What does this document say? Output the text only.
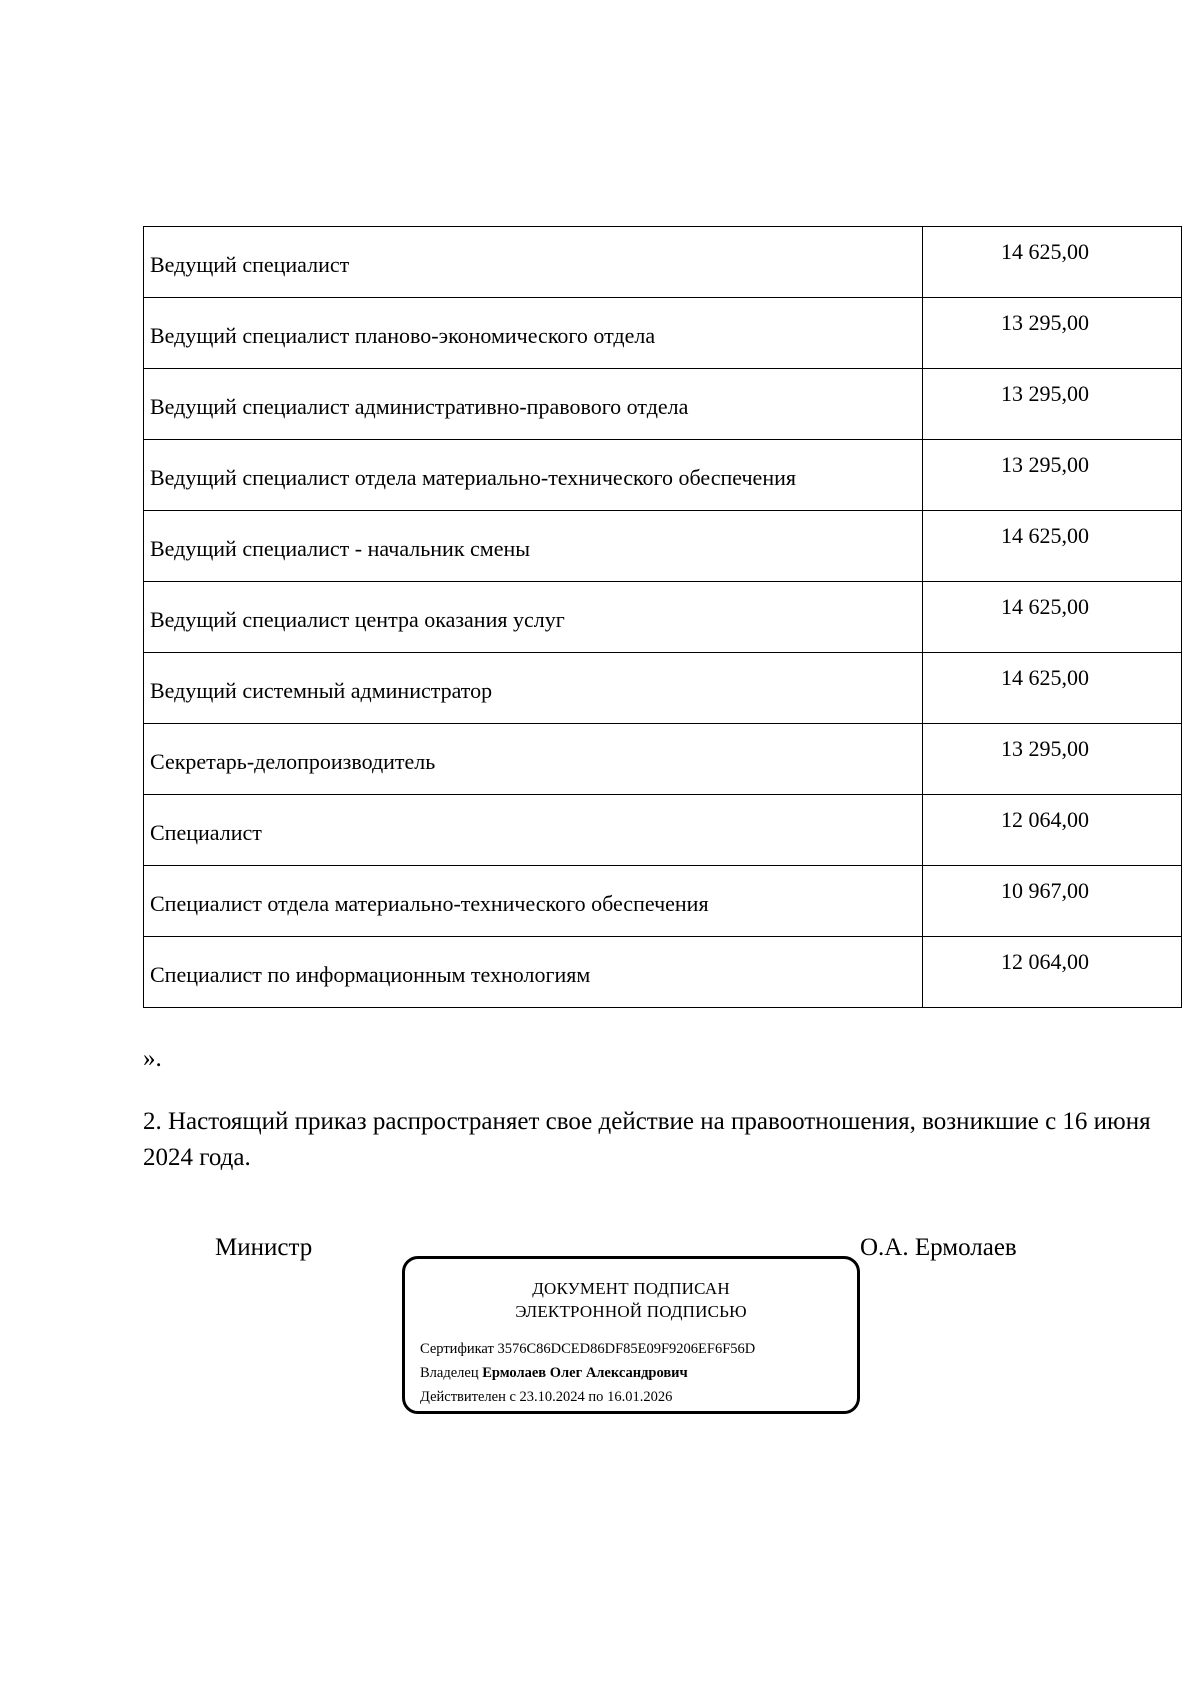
Ведущий специалист	14 625,00
Ведущий специалист планово-экономического отдела	13 295,00
Ведущий специалист административно-правового отдела	13 295,00
Ведущий специалист отдела материально-технического обеспечения	13 295,00
Ведущий специалист - начальник смены	14 625,00
Ведущий специалист центра оказания услуг	14 625,00
Ведущий системный администратор	14 625,00
Секретарь-делопроизводитель	13 295,00
Специалист	12 064,00
Специалист отдела материально-технического обеспечения	10 967,00
Специалист по информационным технологиям	12 064,00
».
2. Настоящий приказ распространяет свое действие на правоотношения, возникшие с 16 июня 2024 года.
Министр	О.А. Ермолаев
ДОКУМЕНТ ПОДПИСАН
ЭЛЕКТРОННОЙ ПОДПИСЬЮ
Сертификат 3576C86DCED86DF85E09F9206EF6F56D
Владелец Ермолаев Олег Александрович
Действителен с 23.10.2024 по 16.01.2026
